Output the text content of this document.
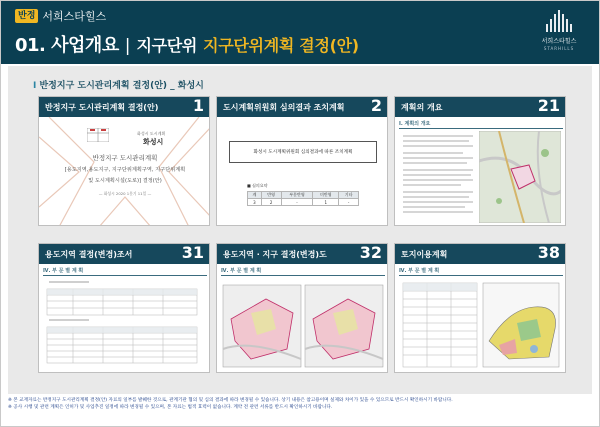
반정 서희스타힐스
01. 사업개요 | 지구단위 지구단위계획 결정(안)	서희스타힐스
STARHILLS
I 반정지구 도시관리계획 결정(안) _ 화성시
반정지구 도시관리계획 결정(안) 1
화성시 도시계획
화성시
반정지구 도시관리계획
[용도지역,용도지구, 지구단위계획구역, 지구단위계획
및 도시계획시설(도로)] 결정(안)
— 화성시 2020 1분기 11일 —
도시계획위원회 심의결과 조치계획 2
화성시 도시계획위원회 심의결과에 따른 조치계획
■ 심의요약
계	반영	부분반영	미반영	기타
3	2	-	1	-
계획의 개요	21
Ⅰ. 계획의 개요
용도지역 결정(변경)조서	31
Ⅳ. 부 문 별 계 획
용도지역 · 지구 결정(변경)도 32
Ⅳ. 부 문 별 계 획
토지이용계획	38
Ⅳ. 부 문 별 계 획
※ 본 교재자료는 반정지구 도시관리계획 결정(안) 자료의 일부를 발췌한 것으로, 관계기관 협의 및 심의 결과에 따라 변경될 수 있습니다. 상기 내용은 참고용이며 실제와 차이가 있을 수 있으므로 반드시 확인하시기 바랍니다.
※ 공사 시행 및 관련 계획은 인허가 및 사업추진 일정에 따라 변경될 수 있으며, 본 자료는 법적 효력이 없습니다. 계약 전 관련 서류를 반드시 확인하시기 바랍니다.
